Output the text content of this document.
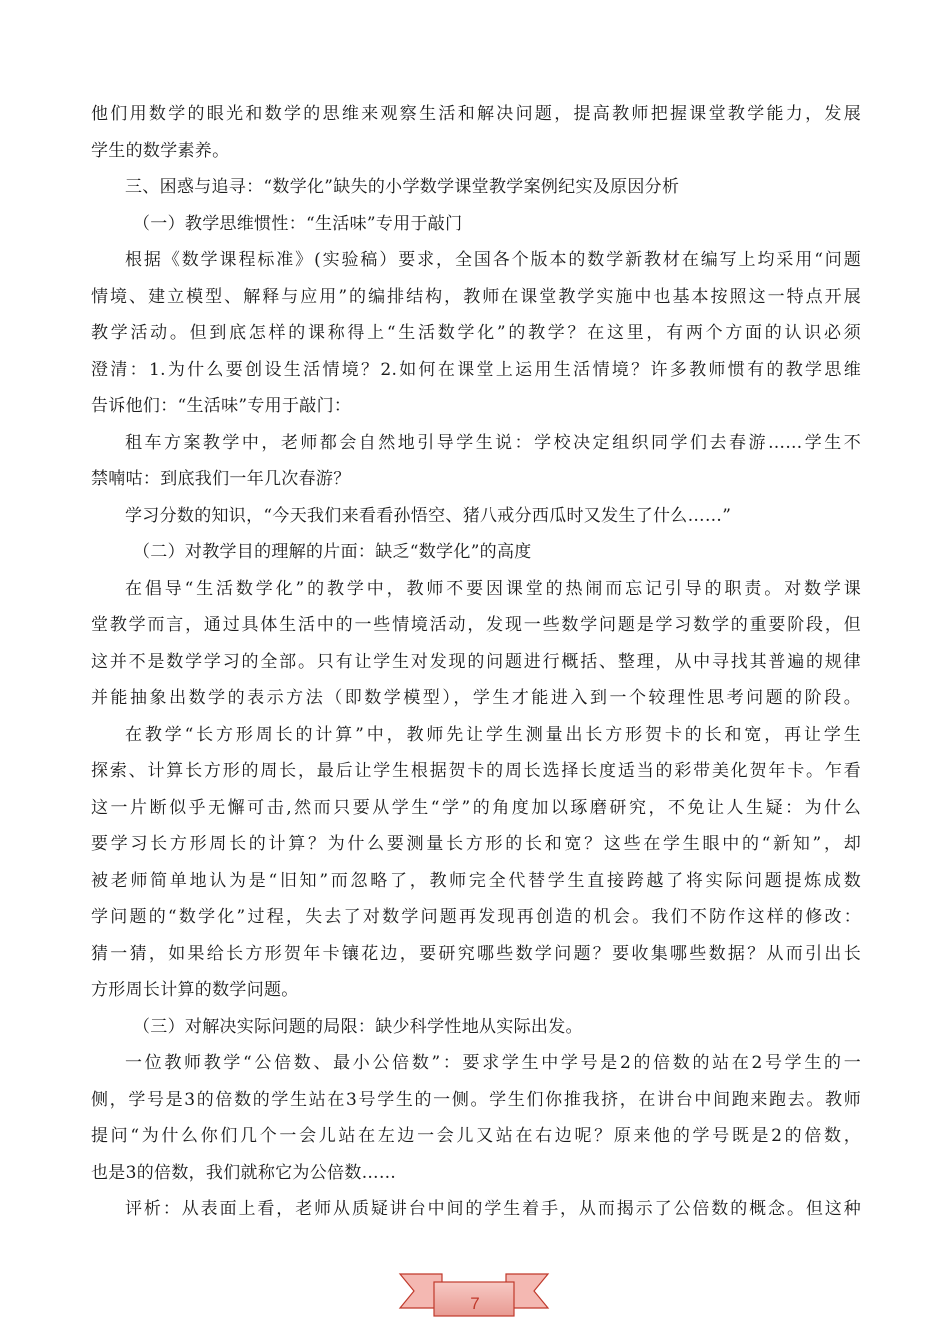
他们用数学的眼光和数学的思维来观察生活和解决问题，提高教师把握课堂教学能力，发展
学生的数学素养。
三、困惑与追寻：“数学化”缺失的小学数学课堂教学案例纪实及原因分析
（一）教学思维惯性：“生活味”专用于敲门
根据《数学课程标准》(实验稿）要求，全国各个版本的数学新教材在编写上均采用“问题
情境、建立模型、解释与应用”的编排结构，教师在课堂教学实施中也基本按照这一特点开展
教学活动。但到底怎样的课称得上“生活数学化”的教学？在这里，有两个方面的认识必须
澄清：1.为什么要创设生活情境？2.如何在课堂上运用生活情境？许多教师惯有的教学思维
告诉他们：“生活味”专用于敲门：
租车方案教学中，老师都会自然地引导学生说：学校决定组织同学们去春游……学生不
禁喃咕：到底我们一年几次春游？
学习分数的知识，“今天我们来看看孙悟空、猪八戒分西瓜时又发生了什么……”
（二）对教学目的理解的片面：缺乏“数学化”的高度
在倡导“生活数学化”的教学中，教师不要因课堂的热闹而忘记引导的职责。对数学课
堂教学而言，通过具体生活中的一些情境活动，发现一些数学问题是学习数学的重要阶段，但
这并不是数学学习的全部。只有让学生对发现的问题进行概括、整理，从中寻找其普遍的规律
并能抽象出数学的表示方法（即数学模型），学生才能进入到一个较理性思考问题的阶段。
在教学“长方形周长的计算”中，教师先让学生测量出长方形贺卡的长和宽，再让学生
探索、计算长方形的周长，最后让学生根据贺卡的周长选择长度适当的彩带美化贺年卡。乍看
这一片断似乎无懈可击,然而只要从学生“学”的角度加以琢磨研究，不免让人生疑：为什么
要学习长方形周长的计算？为什么要测量长方形的长和宽？这些在学生眼中的“新知”，却
被老师简单地认为是“旧知”而忽略了，教师完全代替学生直接跨越了将实际问题提炼成数
学问题的“数学化”过程，失去了对数学问题再发现再创造的机会。我们不防作这样的修改：
猜一猜，如果给长方形贺年卡镶花边，要研究哪些数学问题？要收集哪些数据？从而引出长
方形周长计算的数学问题。
（三）对解决实际问题的局限：缺少科学性地从实际出发。
一位教师教学“公倍数、最小公倍数”：要求学生中学号是2的倍数的站在2号学生的一
侧，学号是3的倍数的学生站在3号学生的一侧。学生们你推我挤，在讲台中间跑来跑去。教师
提问“为什么你们几个一会儿站在左边一会儿又站在右边呢？原来他的学号既是2的倍数，
也是3的倍数，我们就称它为公倍数……
评析：从表面上看，老师从质疑讲台中间的学生着手，从而揭示了公倍数的概念。但这种
7
